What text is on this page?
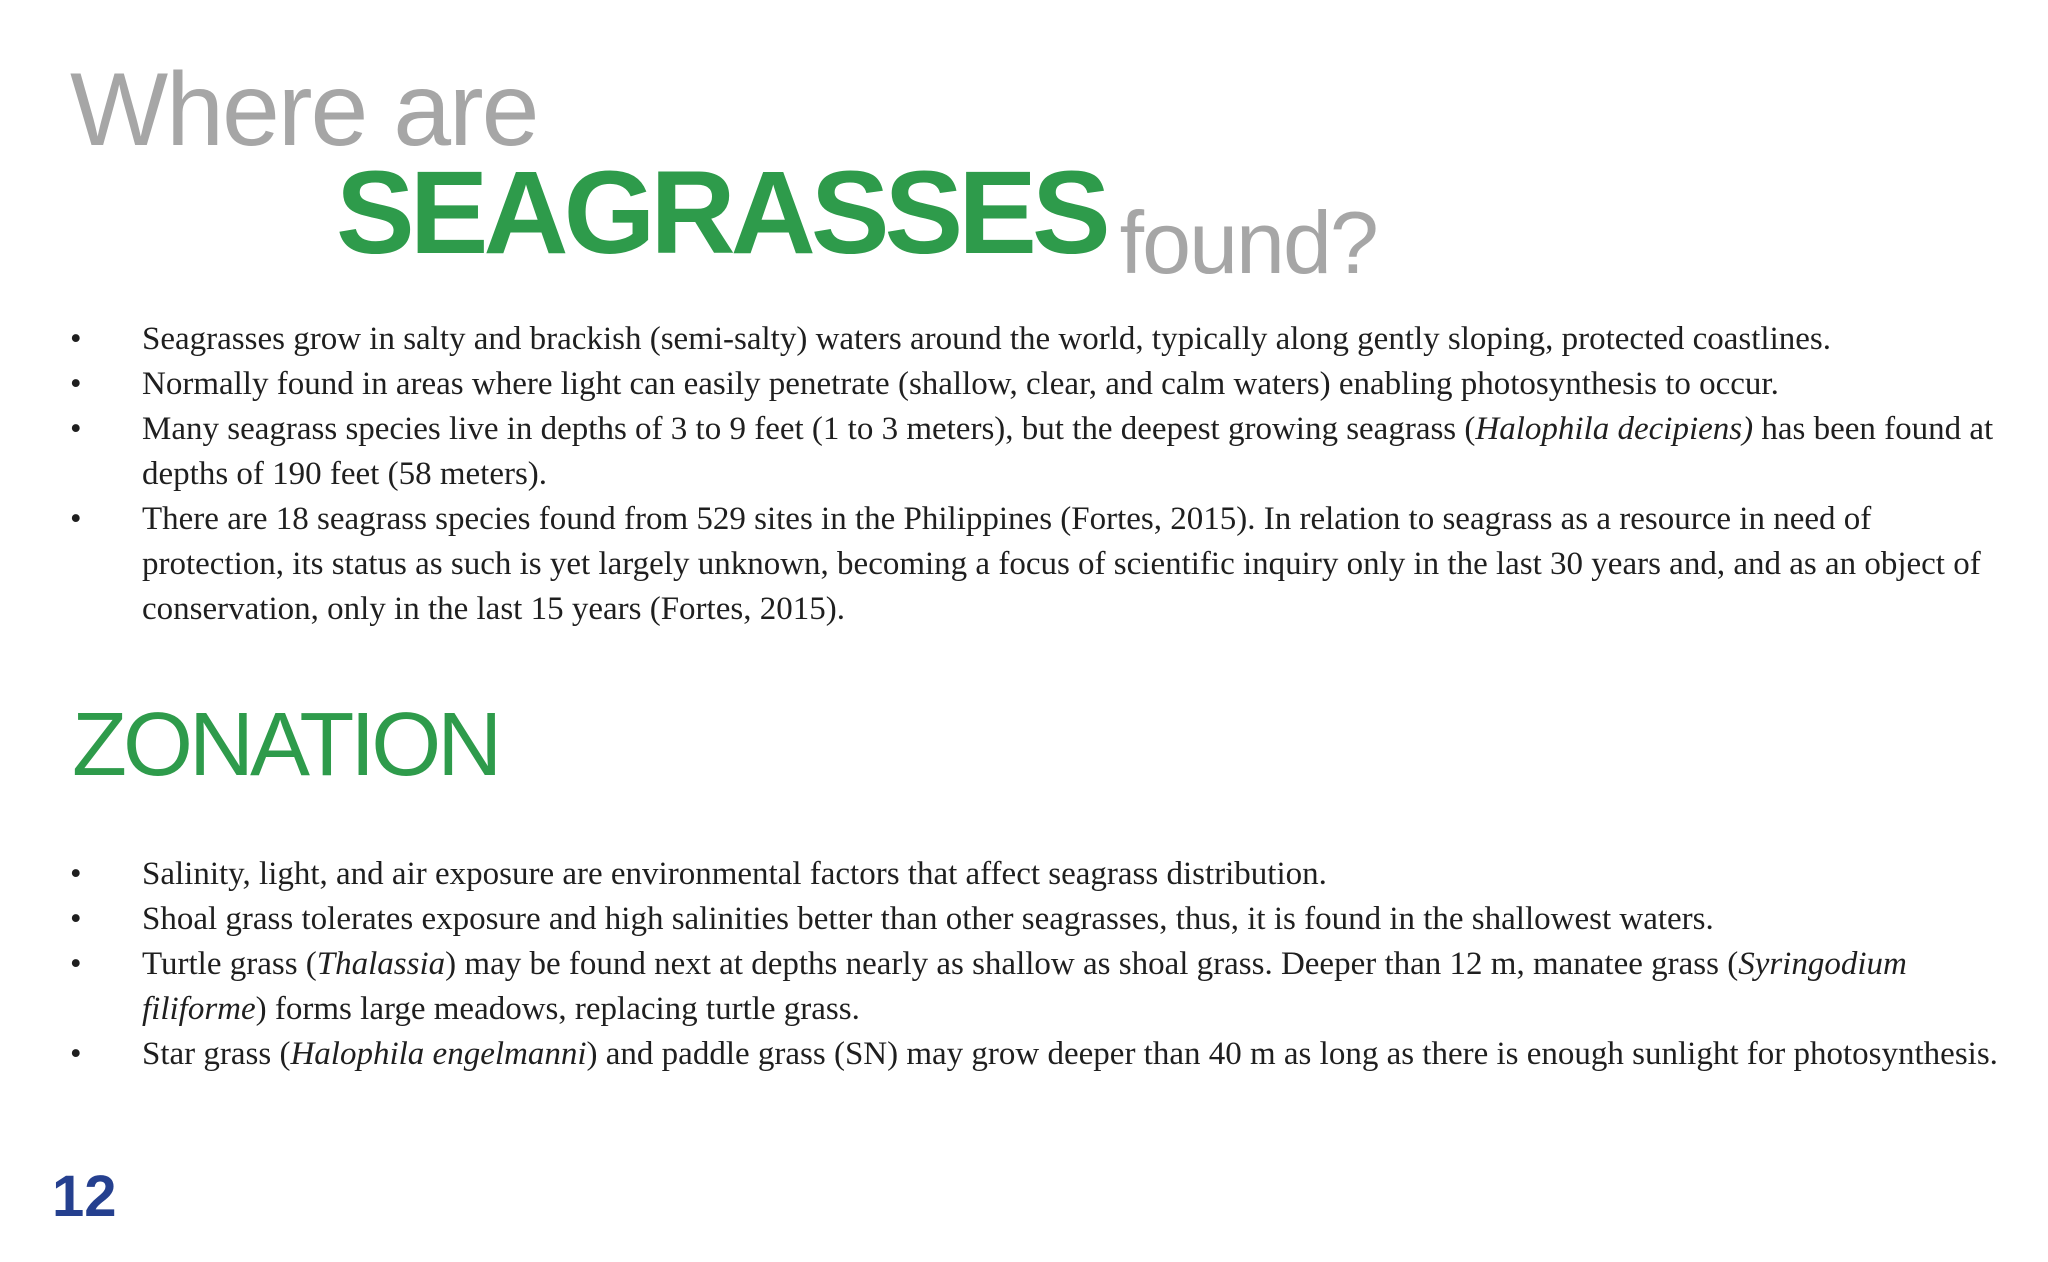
Where are
SEAGRASSES found?
• Seagrasses grow in salty and brackish (semi-salty) waters around the world, typically along gently sloping, protected coastlines.
• Normally found in areas where light can easily penetrate (shallow, clear, and calm waters) enabling photosynthesis to occur.
• Many seagrass species live in depths of 3 to 9 feet (1 to 3 meters), but the deepest growing seagrass (Halophila decipiens) has been found at depths of 190 feet (58 meters).
• There are 18 seagrass species found from 529 sites in the Philippines (Fortes, 2015). In relation to seagrass as a resource in need of protection, its status as such is yet largely unknown, becoming a focus of scientific inquiry only in the last 30 years and, and as an object of conservation, only in the last 15 years (Fortes, 2015).
ZONATION
• Salinity, light, and air exposure are environmental factors that affect seagrass distribution.
• Shoal grass tolerates exposure and high salinities better than other seagrasses, thus, it is found in the shallowest waters.
• Turtle grass (Thalassia) may be found next at depths nearly as shallow as shoal grass. Deeper than 12 m, manatee grass (Syringodium filiforme) forms large meadows, replacing turtle grass.
• Star grass (Halophila engelmanni) and paddle grass (SN) may grow deeper than 40 m as long as there is enough sunlight for photosynthesis.
12
